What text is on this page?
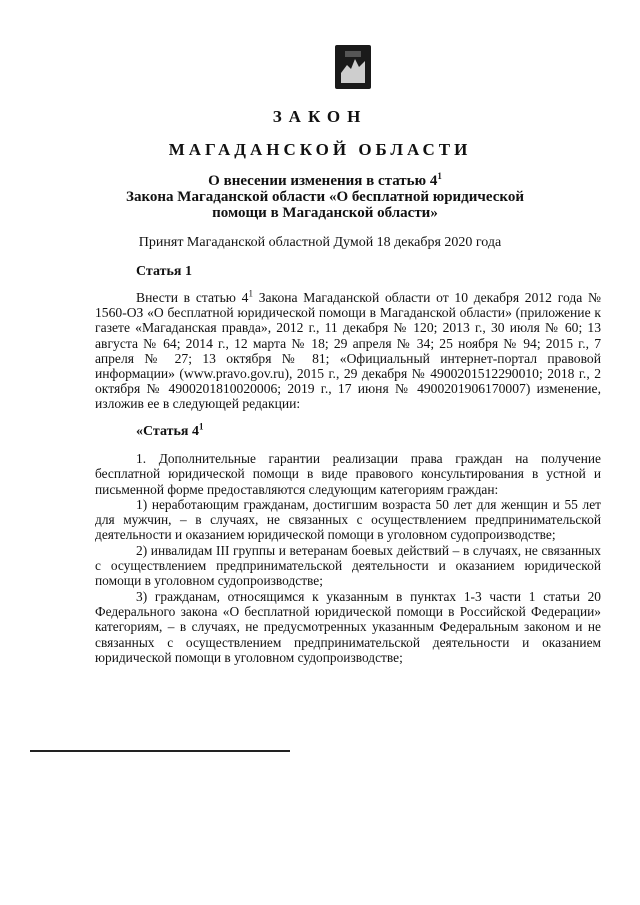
ЗАКОН
МАГАДАНСКОЙ ОБЛАСТИ
О внесении изменения в статью $4^1$
Закона Магаданской области «О бесплатной юридической помощи в Магаданской области»
Принят Магаданской областной Думой 18 декабря 2020 года
Статья 1
Внести в статью $4^1$ Закона Магаданской области от 10 декабря 2012 года № 1560-ОЗ «О бесплатной юридической помощи в Магаданской области» (приложение к газете «Магаданская правда», 2012 г., 11 декабря № 120; 2013 г., 30 июля № 60; 13 августа № 64; 2014 г., 12 марта № 18; 29 апреля № 34; 25 ноября № 94; 2015 г., 7 апреля № 27; 13 октября № 81; «Официальный интернет-портал правовой информации» (www.pravo.gov.ru), 2015 г., 29 декабря № 4900201512290010; 2018 г., 2 октября № 4900201810020006; 2019 г., 17 июня № 4900201906170007) изменение, изложив ее в следующей редакции:
«Статья $4^1$

1. Дополнительные гарантии реализации права граждан на получение бесплатной юридической помощи в виде правового консультирования в устной и письменной форме предоставляются следующим категориям граждан:

1) неработающим гражданам, достигшим возраста 50 лет для женщин и 55 лет для мужчин, – в случаях, не связанных с осуществлением предпринимательской деятельности и оказанием юридической помощи в уголовном судопроизводстве;

2) инвалидам III группы и ветеранам боевых действий – в случаях, не связанных с осуществлением предпринимательской деятельности и оказанием юридической помощи в уголовном судопроизводстве;

3) гражданам, относящимся к указанным в пунктах 1-3 части 1 статьи 20 Федерального закона «О бесплатной юридической помощи в Российской Федерации» категориям, – в случаях, не предусмотренных указанным Федеральным законом и не связанных с осуществлением предпринимательской деятельности и оказанием юридической помощи в уголовном судопроизводстве;
